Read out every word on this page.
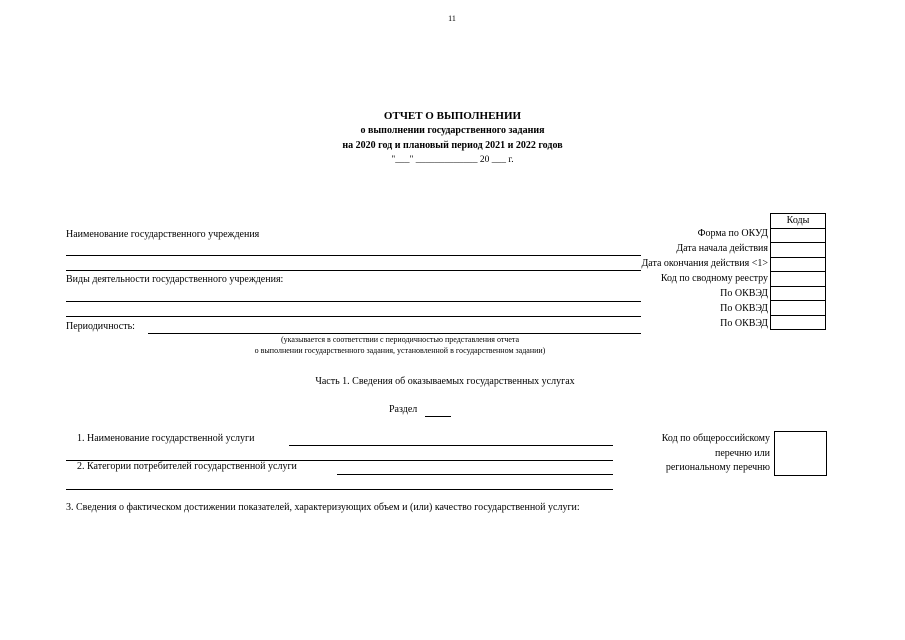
11
ОТЧЕТ О ВЫПОЛНЕНИИ
о выполнении государственного задания
на 2020 год и плановый период 2021 и 2022 годов
"___" _____________ 20 ___ г.
Коды

Форма по ОКУД
Дата начала действия
Дата окончания действия <1>
Код по сводному реестру
По ОКВЭД
По ОКВЭД
По ОКВЭД
Наименование государственного учреждения
Виды деятельности государственного учреждения:
Периодичность:
(указывается в соответствии с периодичностью представления отчета
о выполнении государственного задания, установленной в государственном задании)
Часть 1. Сведения об оказываемых государственных услугах
Раздел
1. Наименование государственной услуги
2. Категории потребителей государственной услуги
Код по общероссийскому
перечню или
региональному перечню
3. Сведения о фактическом достижении показателей, характеризующих объем и (или) качество государственной услуги:
